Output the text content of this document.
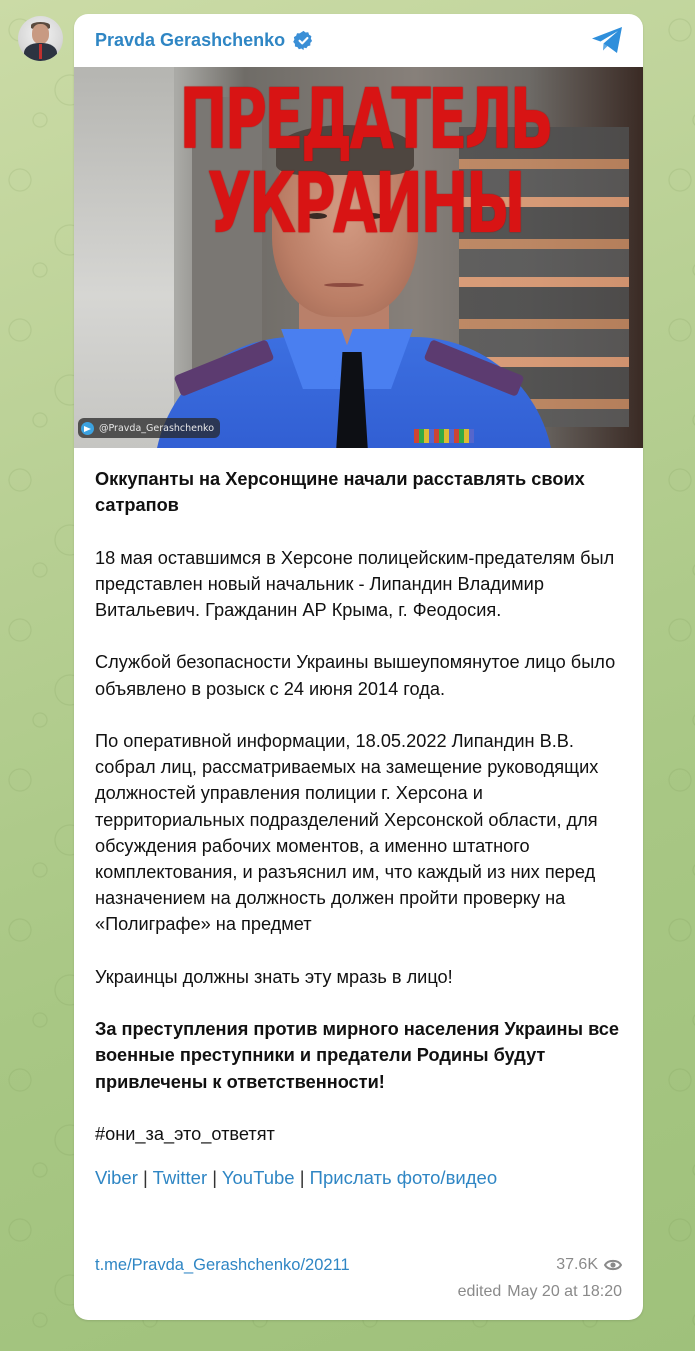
Pravda Gerashchenko
ПРЕДАТЕЛЬ УКРАИНЫ
@Pravda_Gerashchenko

Оккупанты на Херсонщине начали расставлять своих сатрапов

18 мая оставшимся в Херсоне полицейским-предателям был представлен новый начальник - Липандин Владимир Витальевич. Гражданин АР Крыма, г. Феодосия.

Службой безопасности Украины вышеупомянутое лицо было объявлено в розыск с 24 июня 2014 года.

По оперативной информации, 18.05.2022 Липандин В.В. собрал лиц, рассматриваемых на замещение руководящих должностей управления полиции г. Херсона и территориальных подразделений Херсонской области, для обсуждения рабочих моментов, а именно штатного комплектования, и разъяснил им, что каждый из них перед назначением на должность должен пройти проверку на «Полиграфе» на предмет

Украинцы должны знать эту мразь в лицо!

За преступления против мирного населения Украины все военные преступники и предатели Родины будут привлечены к ответственности!

#они_за_это_ответят

Viber | Twitter | YouTube | Прислать фото/видео

t.me/Pravda_Gerashchenko/20211	37.6K
edited May 20 at 18:20
